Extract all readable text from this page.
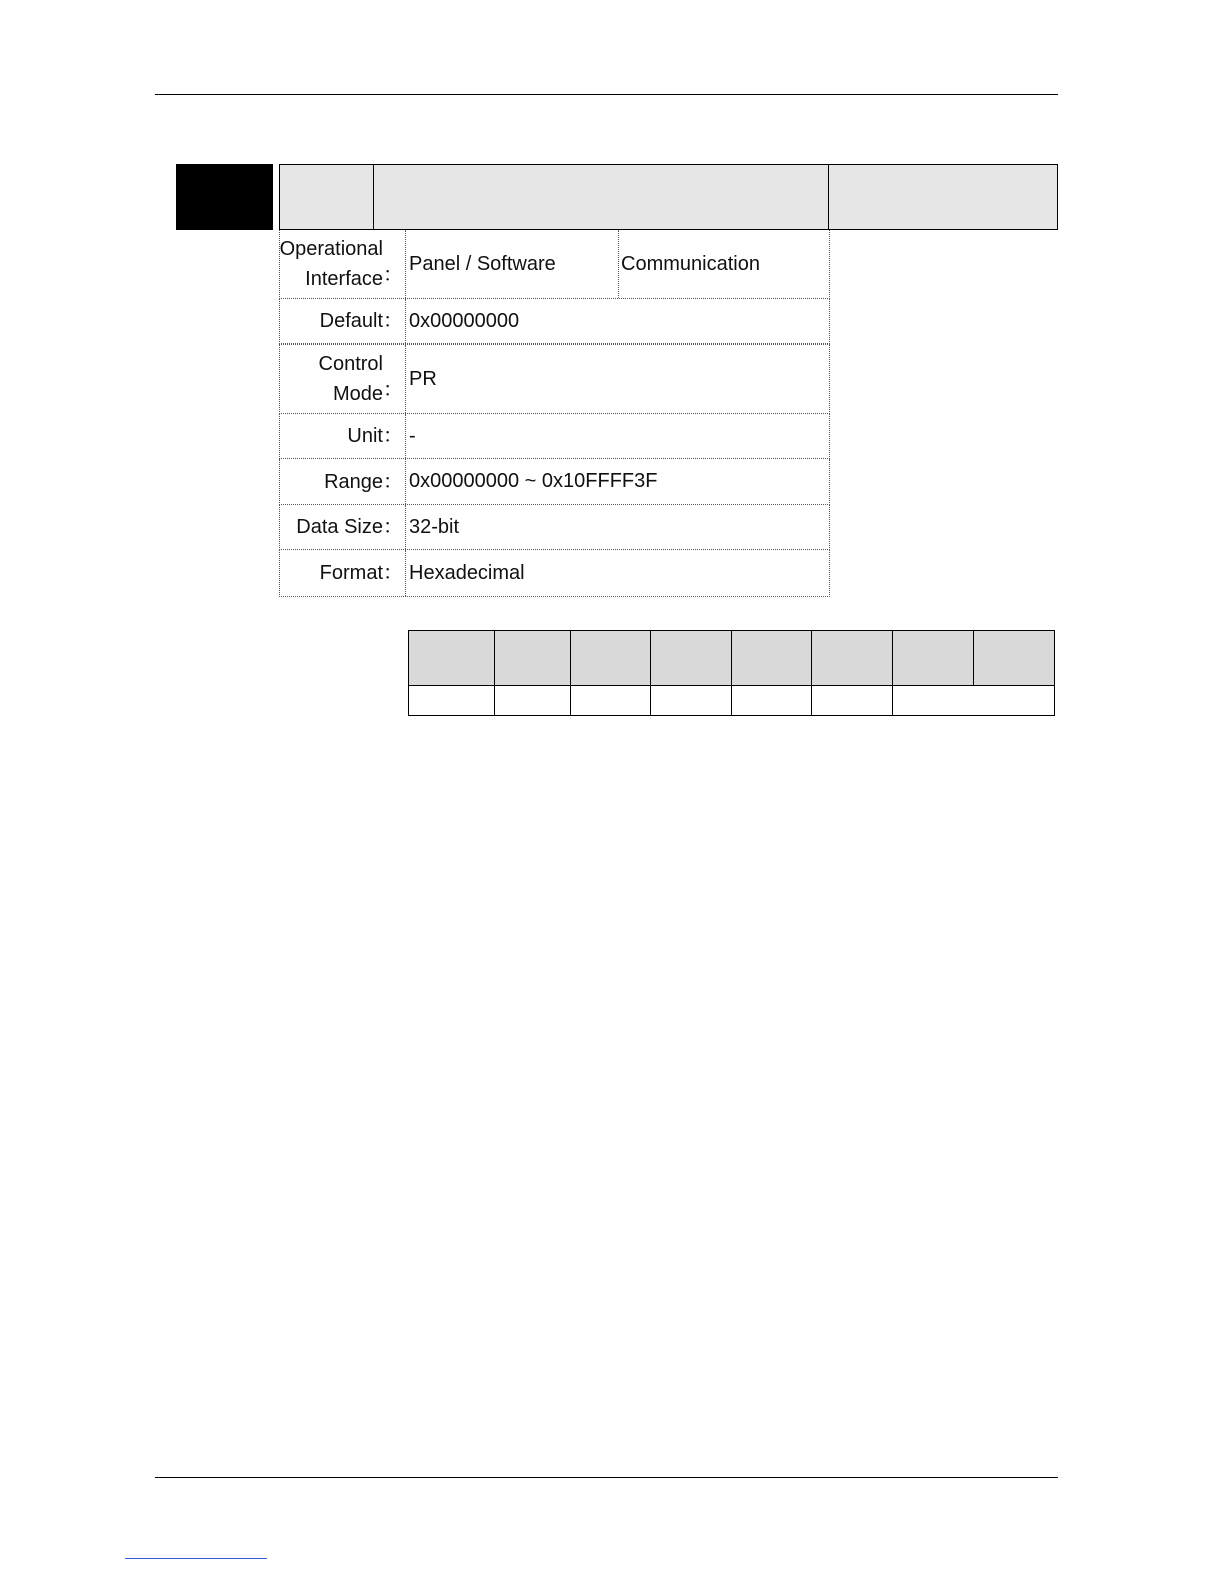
Operational Interface ：
Panel / Software	Communication
Default ： 0x00000000
Control Mode ：
PR
Unit ： -
Range ： 0x00000000 ~ 0x10FFFF3F
Data Size ： 32-bit
Format ： Hexadecimal
